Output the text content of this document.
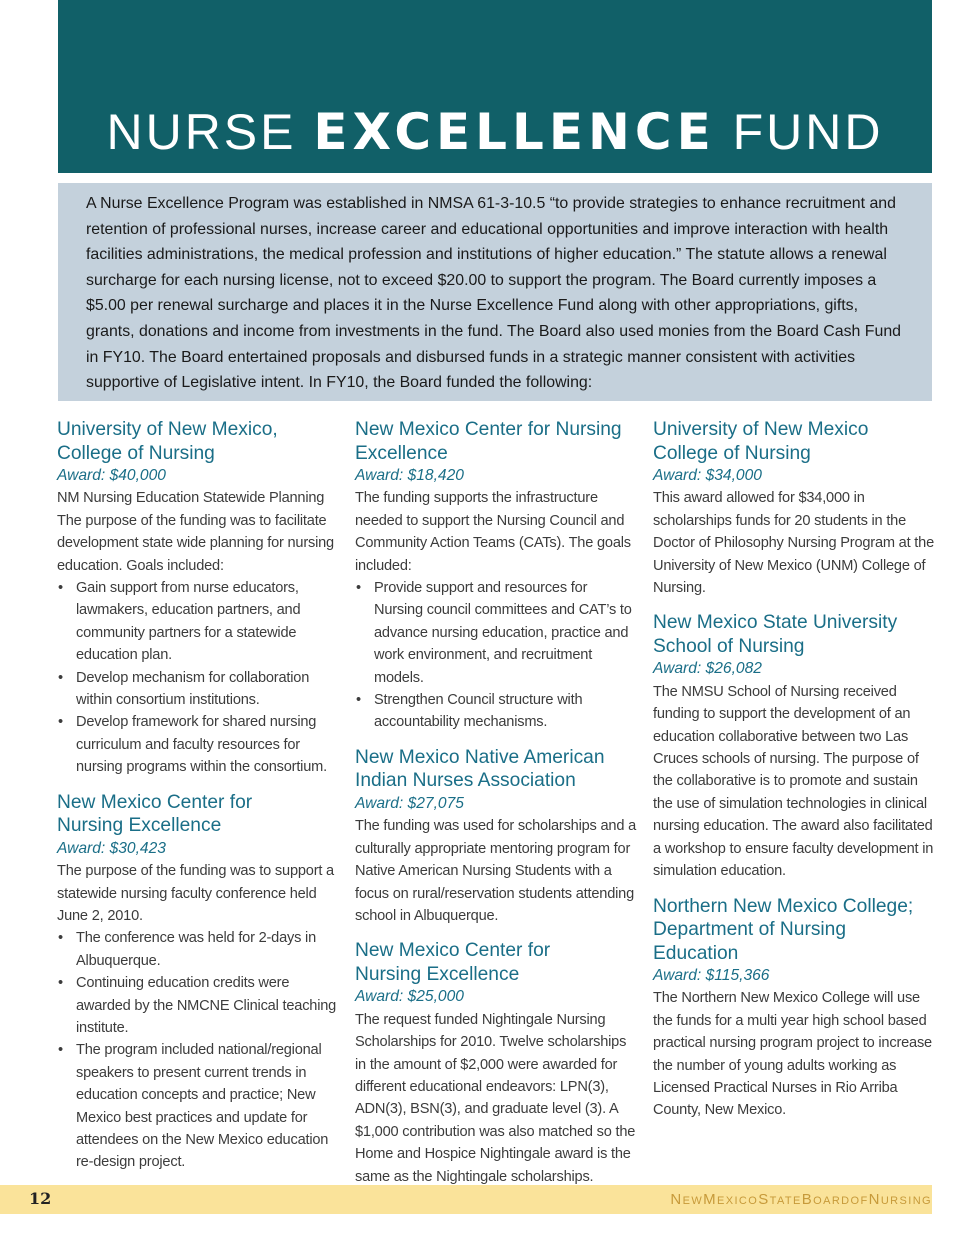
NURSE EXCELLENCE FUND

A Nurse Excellence Program was established in NMSA 61-3-10.5 “to provide strategies to enhance recruitment and retention of professional nurses, increase career and educational opportunities and improve interaction with health facilities administrations, the medical profession and institutions of higher education.” The statute allows a renewal surcharge for each nursing license, not to exceed $20.00 to support the program. The Board currently imposes a $5.00 per renewal surcharge and places it in the Nurse Excellence Fund along with other appropriations, gifts, grants, donations and income from investments in the fund. The Board also used monies from the Board Cash Fund in FY10. The Board entertained proposals and disbursed funds in a strategic manner consistent with activities supportive of Legislative intent. In FY10, the Board funded the following:

University of New Mexico,
College of Nursing
Award: $40,000

NM Nursing Education Statewide Planning

The purpose of the funding was to facilitate development state wide planning for nursing education. Goals included:

• Gain support from nurse educators, lawmakers, education partners, and community partners for a statewide education plan.
• Develop mechanism for collaboration within consortium institutions.
• Develop framework for shared nursing curriculum and faculty resources for nursing programs within the consortium.
New Mexico Center for
Nursing Excellence
Award: $30,423

The purpose of the funding was to support a statewide nursing faculty conference held June 2, 2010.

• The conference was held for 2-days in Albuquerque.
• Continuing education credits were awarded by the NMCNE Clinical teaching institute.
• The program included national/regional speakers to present current trends in education concepts and practice; New Mexico best practices and update for attendees on the New Mexico education re-design project.
New Mexico Center for Nursing
Excellence
Award: $18,420

The funding supports the infrastructure needed to support the Nursing Council and Community Action Teams (CATs). The goals included:

• Provide support and resources for Nursing council committees and CAT’s to advance nursing education, practice and work environment, and recruitment models.
• Strengthen Council structure with accountability mechanisms.
New Mexico Native American
Indian Nurses Association
Award: $27,075

The funding was used for scholarships and a culturally appropriate mentoring program for Native American Nursing Students with a focus on rural/reservation students attending school in Albuquerque.

New Mexico Center for
Nursing Excellence
Award: $25,000

The request funded Nightingale Nursing Scholarships for 2010. Twelve scholarships in the amount of $2,000 were awarded for different educational endeavors: LPN(3), ADN(3), BSN(3), and graduate level (3). A $1,000 contribution was also matched so the Home and Hospice Nightingale award is the same as the Nightingale scholarships.

University of New Mexico
College of Nursing
Award: $34,000

This award allowed for $34,000 in scholarships funds for 20 students in the Doctor of Philosophy Nursing Program at the University of New Mexico (UNM) College of Nursing.

New Mexico State University
School of Nursing
Award: $26,082

The NMSU School of Nursing received funding to support the development of an education collaborative between two Las Cruces schools of nursing. The purpose of the collaborative is to promote and sustain the use of simulation technologies in clinical nursing education. The award also facilitated a workshop to ensure faculty development in simulation education.

Northern New Mexico College;
Department of Nursing Education
Award: $115,366

The Northern New Mexico College will use the funds for a multi year high school based practical nursing program project to increase the number of young adults working as Licensed Practical Nurses in Rio Arriba County, New Mexico.

12	NewMexicoStateBoardofNursing
